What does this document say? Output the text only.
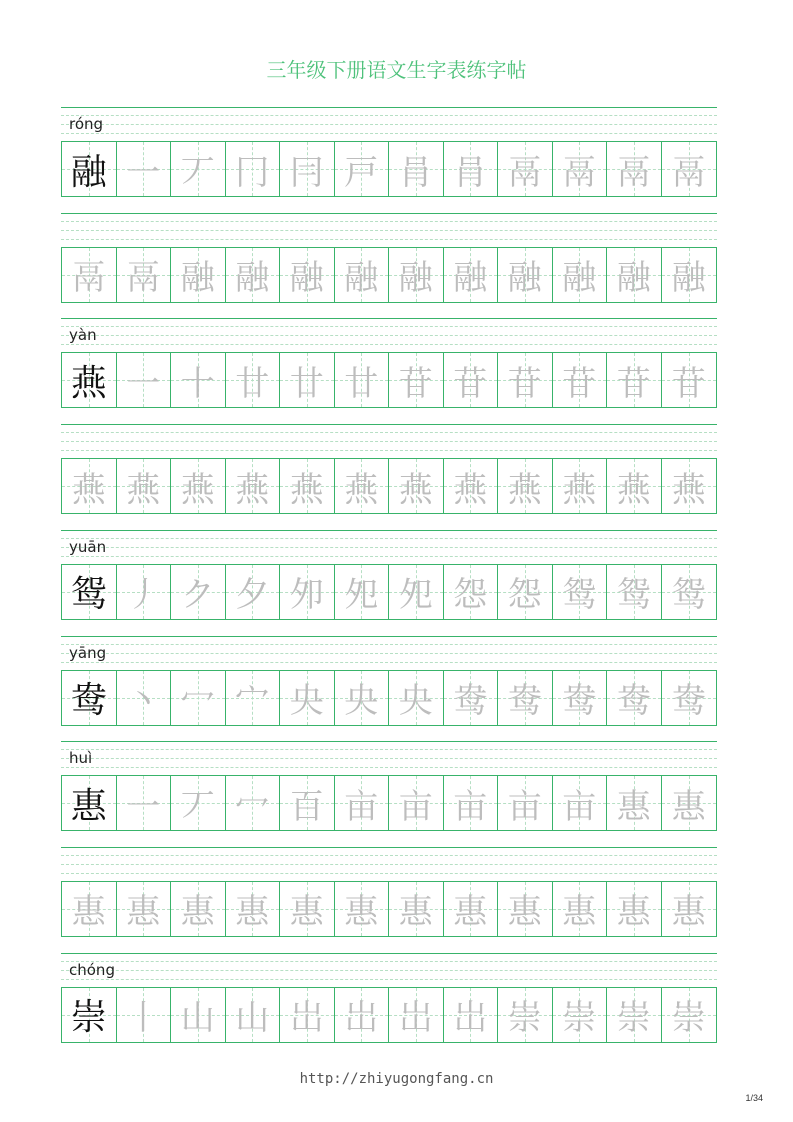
三年级下册语文生字表练字帖
róng
融 一 丆 冂 冃 戸 肙 肙 鬲 鬲 鬲 鬲
鬲 鬲 融 融 融 融 融 融 融 融 融 融
yàn
燕 一 十 廿 廿 廿 苷 苷 苷 苷 苷 苷
燕 燕 燕 燕 燕 燕 燕 燕 燕 燕 燕 燕
yuān
鸳 丿 ク 夕 夘 夗 夗 怨 怨 鸳 鸳 鸳
yāng
鸯 丶 冖 宀 央 央 央 鸯 鸯 鸯 鸯 鸯
huì
惠 一 丆 冖 百 亩 亩 亩 亩 亩 惠 惠
惠 惠 惠 惠 惠 惠 惠 惠 惠 惠 惠 惠
chóng
崇 丨 山 山 岀 岀 岀 岀 崇 崇 崇 崇
http://zhiyugongfang.cn
1/34
